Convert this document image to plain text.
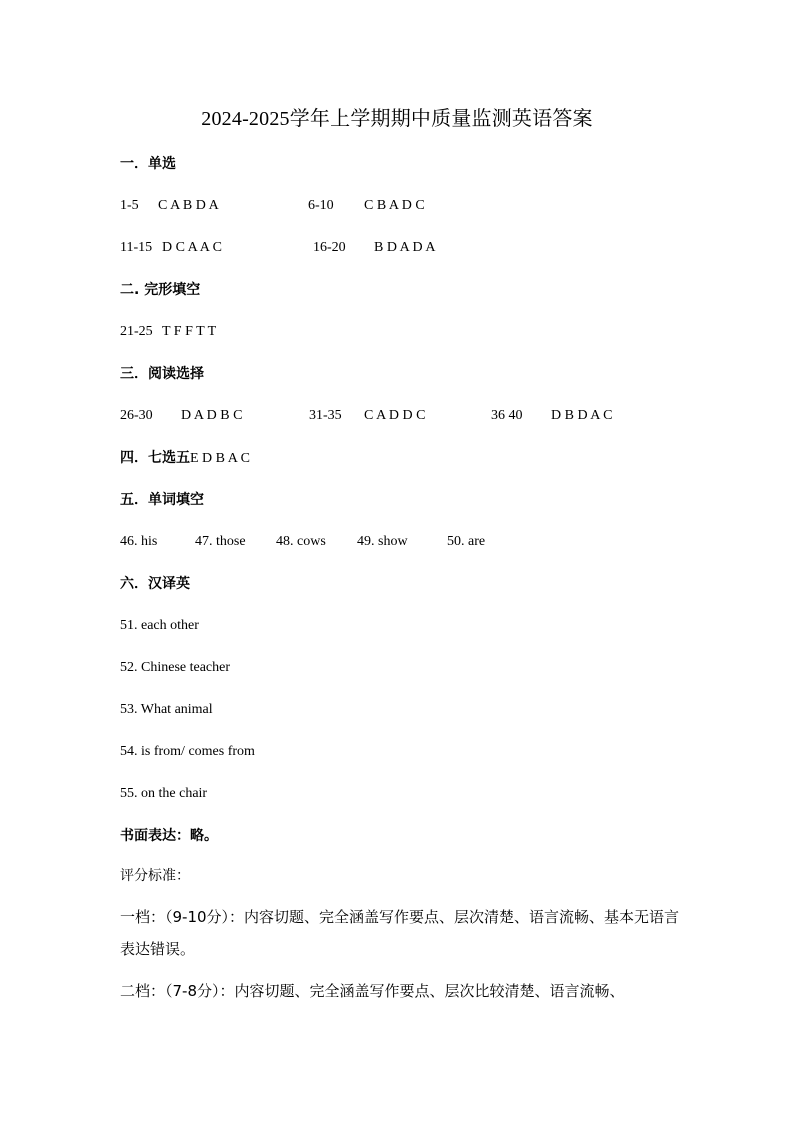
2024-2025学年上学期期中质量监测英语答案
一．单选
1-5 C A B D A	6-10 C B A D C
11-15 D C A A C	16-20 B D A D A
二. 完形填空
21-25 T F F T T
三．阅读选择
26-30 D A D B C	31-35 C A D D C	36 40 D B D A C
四．七选五E D B A C
五．单词填空
46. his	47. those 48. cows 49. show	50. are
六．汉译英
51. each other
52. Chinese teacher
53. What animal
54. is from/ comes from
55. on the chair
书面表达：略。
评分标准：
一档：（9-10分）：内容切题、完全涵盖写作要点、层次清楚、语言流畅、基本无语言表达错误。
二档：（7-8分）：内容切题、完全涵盖写作要点、层次比较清楚、语言流畅、
